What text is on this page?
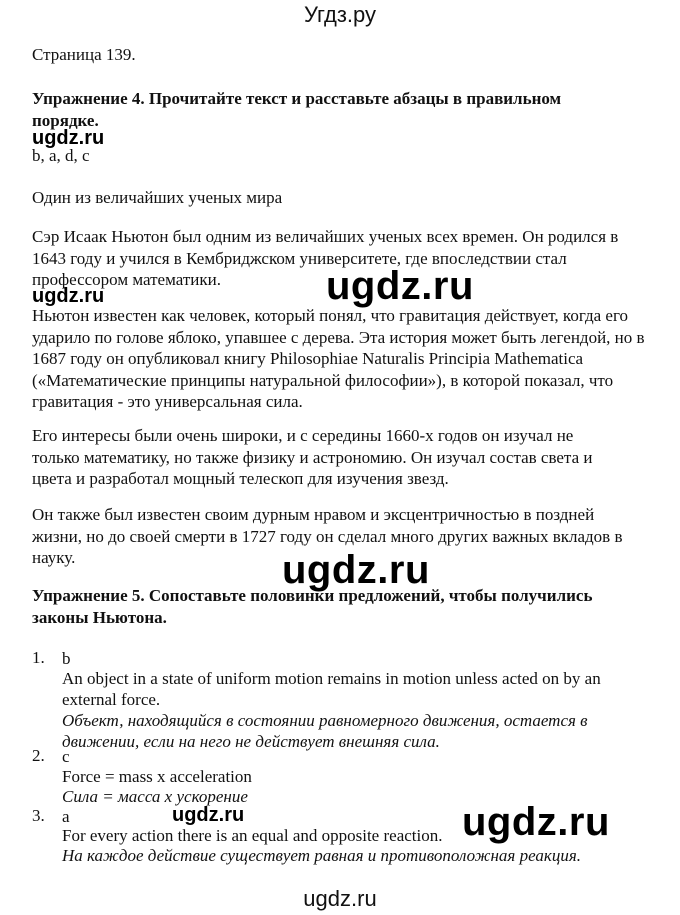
Угдз.ру
Страница 139.
Упражнение 4. Прочитайте текст и расставьте абзацы в правильном порядке.
ugdz.ru
b, a, d, c
Один из величайших ученых мира
Сэр Исаак Ньютон был одним из величайших ученых всех времен. Он родился в 1643 году и учился в Кембриджском университете, где впоследствии стал профессором математики.	ugdz.ru
ugdz.ru
Ньютон известен как человек, который понял, что гравитация действует, когда его ударило по голове яблоко, упавшее с дерева. Эта история может быть легендой, но в 1687 году он опубликовал книгу Philosophiae Naturalis Principia Mathematica («Математические принципы натуральной философии»), в которой показал, что гравитация - это универсальная сила.
Его интересы были очень широки, и с середины 1660-х годов он изучал не только математику, но также физику и астрономию. Он изучал состав света и цвета и разработал мощный телескоп для изучения звезд.
Он также был известен своим дурным нравом и эксцентричностью в поздней жизни, но до своей смерти в 1727 году он сделал много других важных вкладов в науку.	ugdz.ru
Упражнение 5. Сопоставьте половинки предложений, чтобы получились законы Ньютона.
1. b
An object in a state of uniform motion remains in motion unless acted on by an external force.
Объект, находящийся в состоянии равномерного движения, остается в движении, если на него не действует внешняя сила.
2. c
Force = mass x acceleration
Сила = масса х ускорение
3. a	ugdz.ru
For every action there is an equal and opposite reaction. ugdz.ru
На каждое действие существует равная и противоположная реакция.
ugdz.ru
